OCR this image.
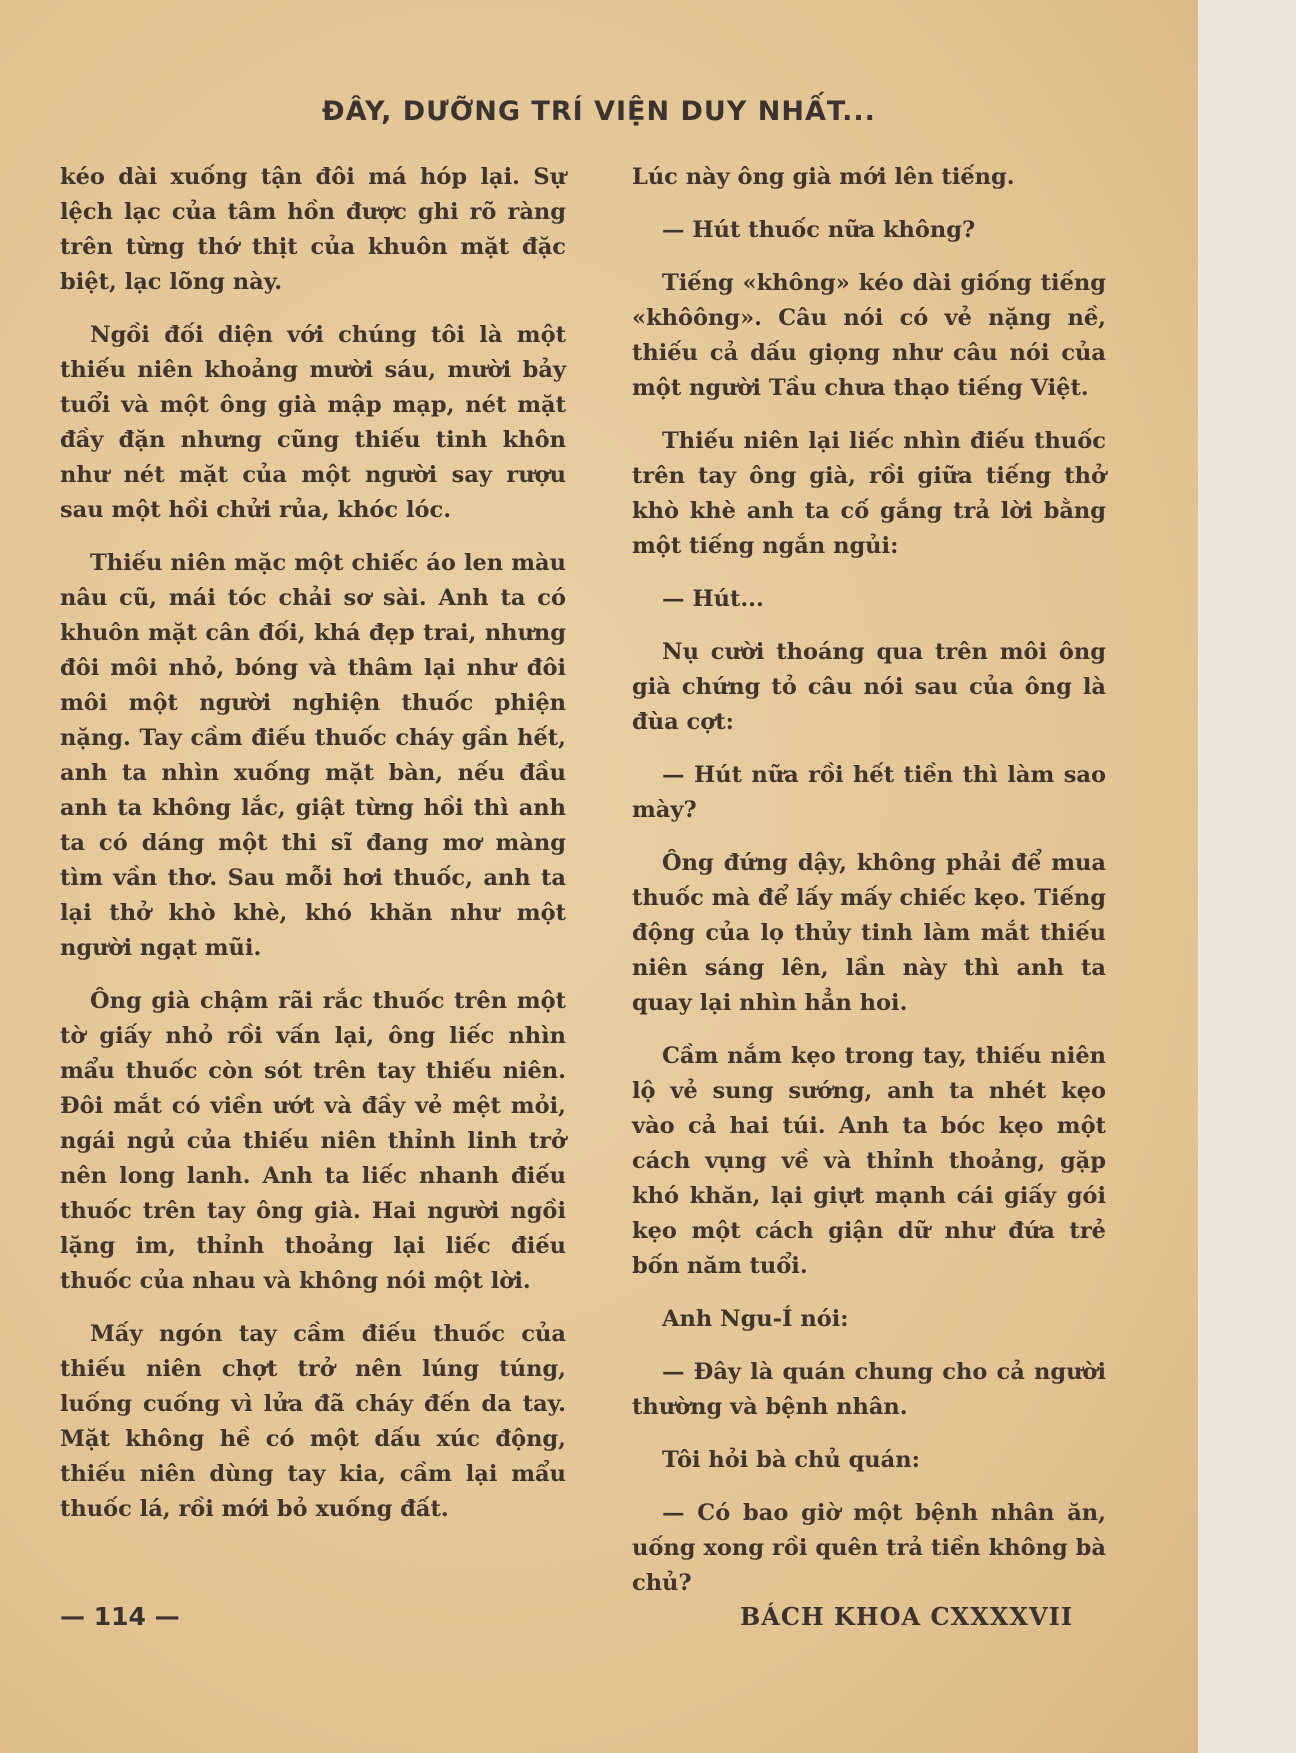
ĐÂY, DƯỠNG TRÍ VIỆN DUY NHẤT...

kéo dài xuống tận đôi má hóp lại. Sự lệch lạc của tâm hồn được ghi rõ ràng trên từng thớ thịt của khuôn mặt đặc biệt, lạc lõng này.

Ngồi đối diện với chúng tôi là một thiếu niên khoảng mười sáu, mười bảy tuổi và một ông già mập mạp, nét mặt đầy đặn nhưng cũng thiếu tinh khôn như nét mặt của một người say rượu sau một hồi chửi rủa, khóc lóc.

Thiếu niên mặc một chiếc áo len màu nâu cũ, mái tóc chải sơ sài. Anh ta có khuôn mặt cân đối, khá đẹp trai, nhưng đôi môi nhỏ, bóng và thâm lại như đôi môi một người nghiện thuốc phiện nặng. Tay cầm điếu thuốc cháy gần hết, anh ta nhìn xuống mặt bàn, nếu đầu anh ta không lắc, giật từng hồi thì anh ta có dáng một thi sĩ đang mơ màng tìm vần thơ. Sau mỗi hơi thuốc, anh ta lại thở khò khè, khó khăn như một người ngạt mũi.

Ông già chậm rãi rắc thuốc trên một tờ giấy nhỏ rồi vấn lại, ông liếc nhìn mẩu thuốc còn sót trên tay thiếu niên. Đôi mắt có viền ướt và đầy vẻ mệt mỏi, ngái ngủ của thiếu niên thỉnh linh trở nên long lanh. Anh ta liếc nhanh điếu thuốc trên tay ông già. Hai người ngồi lặng im, thỉnh thoảng lại liếc điếu thuốc của nhau và không nói một lời.

Mấy ngón tay cầm điếu thuốc của thiếu niên chợt trở nên lúng túng, luống cuống vì lửa đã cháy đến da tay. Mặt không hề có một dấu xúc động, thiếu niên dùng tay kia, cầm lại mẩu thuốc lá, rồi mới bỏ xuống đất.

Lúc này ông già mới lên tiếng.

— Hút thuốc nữa không?

Tiếng «không» kéo dài giống tiếng «khôông». Câu nói có vẻ nặng nề, thiếu cả dấu giọng như câu nói của một người Tầu chưa thạo tiếng Việt.

Thiếu niên lại liếc nhìn điếu thuốc trên tay ông già, rồi giữa tiếng thở khò khè anh ta cố gắng trả lời bằng một tiếng ngắn ngủi:

— Hút...

Nụ cười thoáng qua trên môi ông già chứng tỏ câu nói sau của ông là đùa cợt:

— Hút nữa rồi hết tiền thì làm sao mày?

Ông đứng dậy, không phải để mua thuốc mà để lấy mấy chiếc kẹo. Tiếng động của lọ thủy tinh làm mắt thiếu niên sáng lên, lần này thì anh ta quay lại nhìn hẳn hoi.

Cầm nắm kẹo trong tay, thiếu niên lộ vẻ sung sướng, anh ta nhét kẹo vào cả hai túi. Anh ta bóc kẹo một cách vụng về và thỉnh thoảng, gặp khó khăn, lại giựt mạnh cái giấy gói kẹo một cách giận dữ như đứa trẻ bốn năm tuổi.

Anh Ngu-Í nói:

— Đây là quán chung cho cả người thường và bệnh nhân.

Tôi hỏi bà chủ quán:

— Có bao giờ một bệnh nhân ăn, uống xong rồi quên trả tiền không bà chủ?

— 114 —	BÁCH KHOA CXXXXVII
